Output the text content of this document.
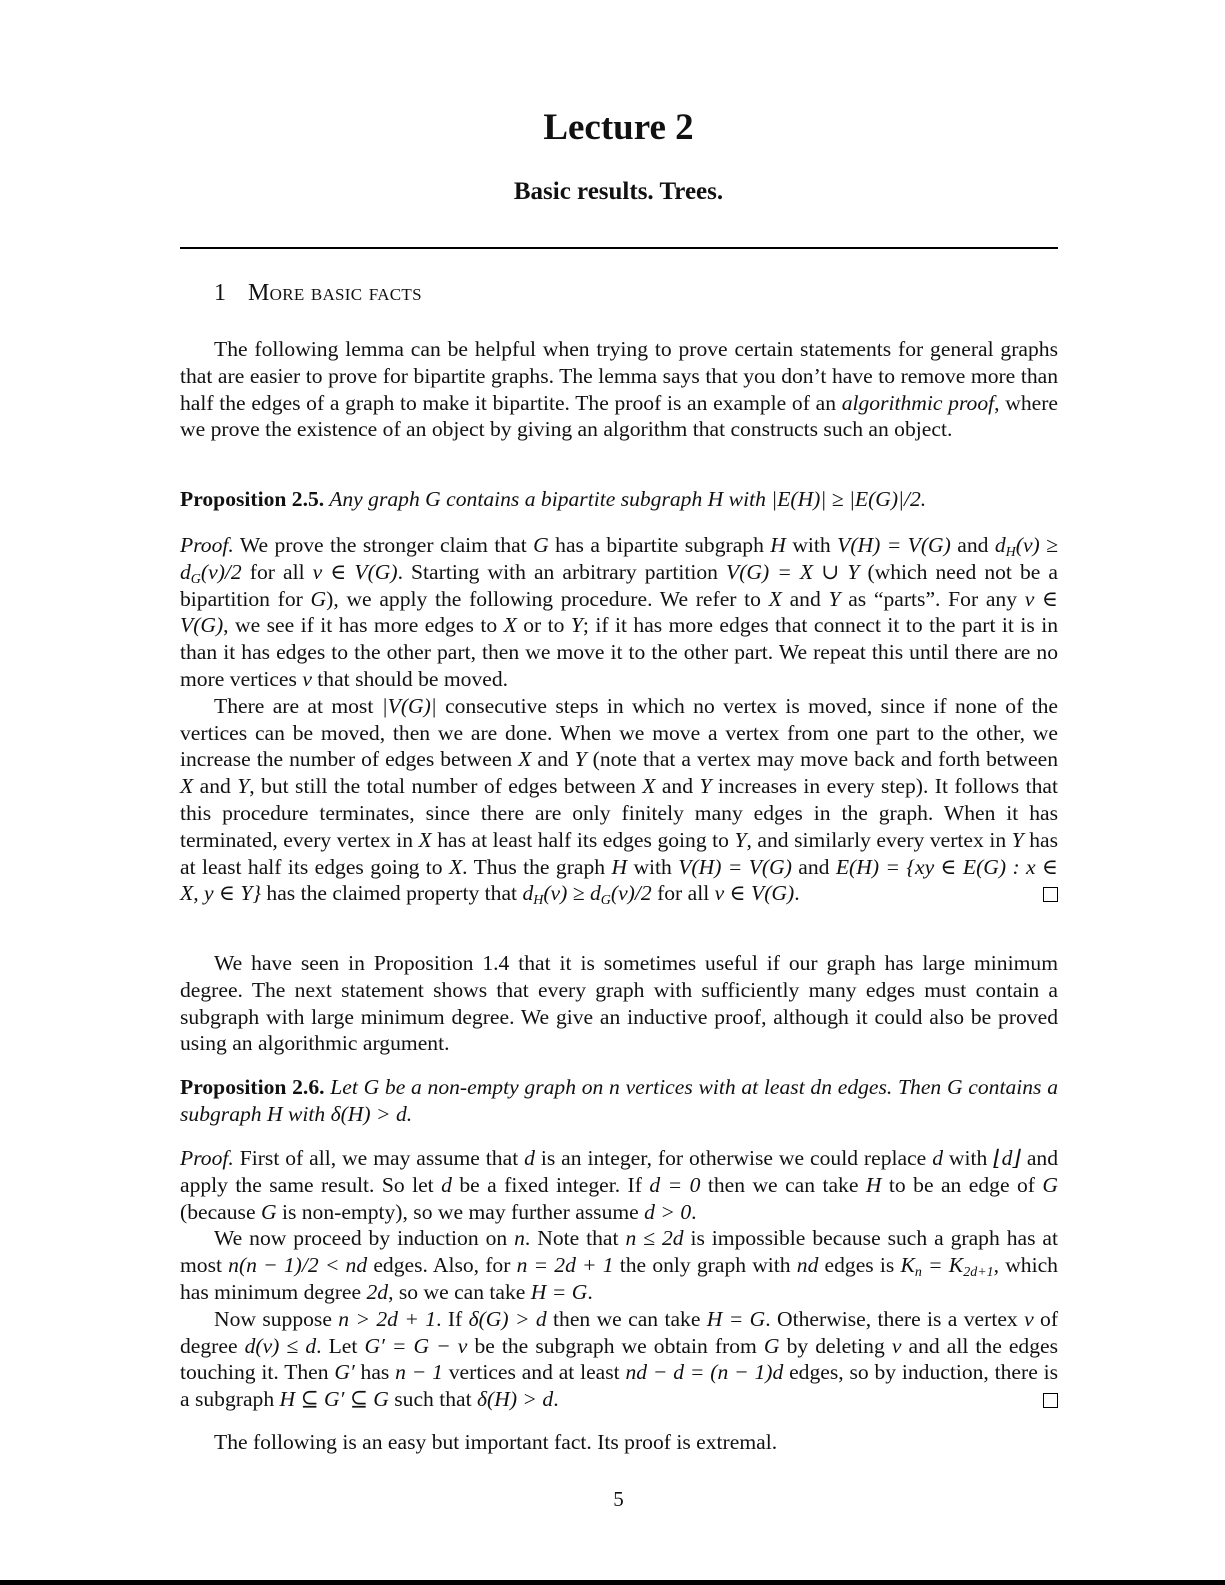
Lecture 2
Basic results. Trees.
1 More basic facts

The following lemma can be helpful when trying to prove certain statements for general graphs that are easier to prove for bipartite graphs. The lemma says that you don’t have to remove more than half the edges of a graph to make it bipartite. The proof is an example of an algorithmic proof, where we prove the existence of an object by giving an algorithm that constructs such an object.

Proposition 2.5. Any graph G contains a bipartite subgraph H with |E(H)| ≥ |E(G)|/2.

Proof. We prove the stronger claim that G has a bipartite subgraph H with V(H) = V(G) and $d_H(v) \ge d_G(v)/2$ for all v ∈ V(G). Starting with an arbitrary partition V(G) = X ∪ Y (which need not be a bipartition for G), we apply the following procedure. We refer to X and Y as “parts”. For any v ∈ V(G), we see if it has more edges to X or to Y; if it has more edges that connect it to the part it is in than it has edges to the other part, then we move it to the other part. We repeat this until there are no more vertices v that should be moved.

There are at most |V(G)| consecutive steps in which no vertex is moved, since if none of the vertices can be moved, then we are done. When we move a vertex from one part to the other, we increase the number of edges between X and Y (note that a vertex may move back and forth between X and Y, but still the total number of edges between X and Y increases in every step). It follows that this procedure terminates, since there are only finitely many edges in the graph. When it has terminated, every vertex in X has at least half its edges going to Y, and similarly every vertex in Y has at least half its edges going to X. Thus the graph H with V(H) = V(G) and E(H) = {xy ∈ E(G) : x ∈ X, y ∈ Y} has the claimed property that $d_H(v) \ge d_G(v)/2$ for all v ∈ V(G).

We have seen in Proposition 1.4 that it is sometimes useful if our graph has large minimum degree. The next statement shows that every graph with sufficiently many edges must contain a subgraph with large minimum degree. We give an inductive proof, although it could also be proved using an algorithmic argument.

Proposition 2.6. Let G be a non-empty graph on n vertices with at least dn edges. Then G contains a subgraph H with δ(H) > d.

Proof. First of all, we may assume that d is an integer, for otherwise we could replace d with ⌊d⌋ and apply the same result. So let d be a fixed integer. If d = 0 then we can take H to be an edge of G (because G is non-empty), so we may further assume d > 0.

We now proceed by induction on n. Note that n ≤ 2d is impossible because such a graph has at most n(n − 1)/2 < nd edges. Also, for n = 2d + 1 the only graph with nd edges is $K_n = K_{2d+1}$, which has minimum degree 2d, so we can take H = G.

Now suppose n > 2d + 1. If δ(G) > d then we can take H = G. Otherwise, there is a vertex v of degree d(v) ≤ d. Let G′ = G − v be the subgraph we obtain from G by deleting v and all the edges touching it. Then G′ has n − 1 vertices and at least nd − d = (n − 1)d edges, so by induction, there is a subgraph H ⊆ G′ ⊆ G such that δ(H) > d.

The following is an easy but important fact. Its proof is extremal.

5
